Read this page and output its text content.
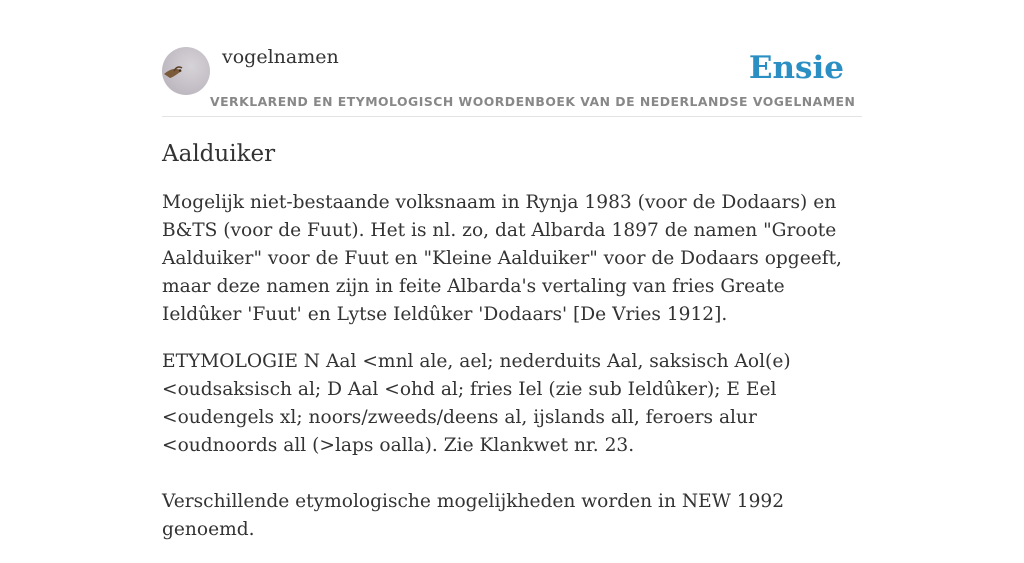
vogelnamen
VERKLAREND EN ETYMOLOGISCH WOORDENBOEK VAN DE NEDERLANDSE VOGELNAMEN
Ensie
Aalduiker

Mogelijk niet-bestaande volksnaam in Rynja 1983 (voor de Dodaars) en B&TS (voor de Fuut). Het is nl. zo, dat Albarda 1897 de namen "Groote Aalduiker" voor de Fuut en "Kleine Aalduiker" voor de Dodaars opgeeft, maar deze namen zijn in feite Albarda's vertaling van fries Greate Ieldûker 'Fuut' en Lytse Ieldûker 'Dodaars' [De Vries 1912].

ETYMOLOGIE N Aal <mnl ale, ael; nederduits Aal, saksisch Aol(e) <oudsaksisch al; D Aal <ohd al; fries Iel (zie sub Ieldûker); E Eel <oudengels xl; noors/zweeds/deens al, ijslands all, feroers alur <oudnoords all (>laps oalla). Zie Klankwet nr. 23.

Verschillende etymologische mogelijkheden worden in NEW 1992 genoemd.
